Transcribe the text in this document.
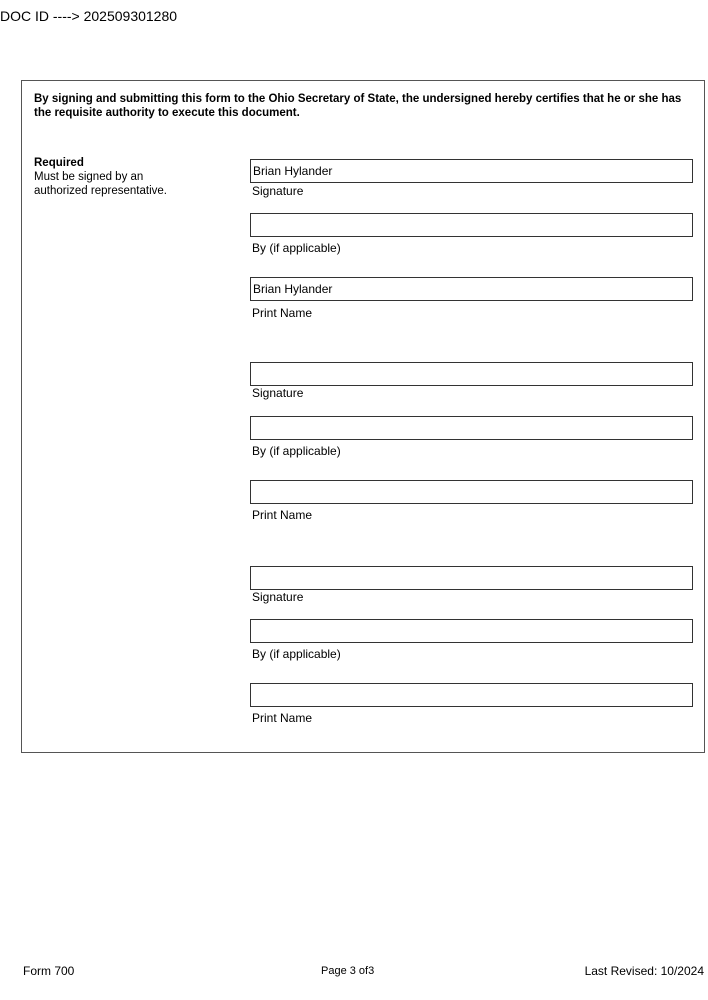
DOC ID ----> 202509301280
By signing and submitting this form to the Ohio Secretary of State, the undersigned hereby certifies that he or she has the requisite authority to execute this document.
Required
Must be signed by an
authorized representative.
Brian Hylander
Signature
By (if applicable)
Brian Hylander
Print Name
Signature
By (if applicable)
Print Name
Signature
By (if applicable)
Print Name
Form 700	Page 3 of3	Last Revised: 10/2024
